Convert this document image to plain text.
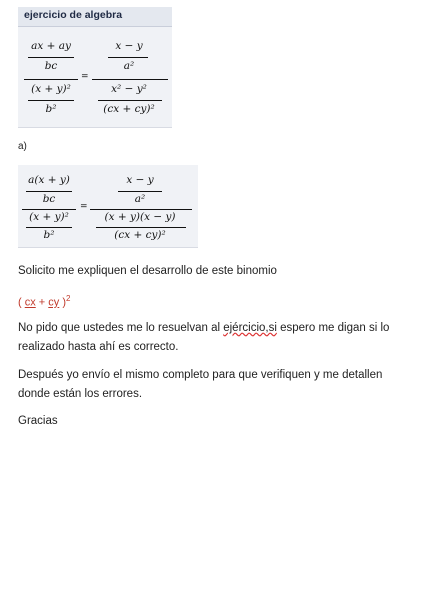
ejercicio de algebra
ax + ay
bc
(x + y)²
b²
=
x − y
a²
x² − y²
(cx + cy)²
a)
a(x + y)
bc
(x + y)²
b²
=
x − y
a²
(x + y)(x − y)
(cx + cy)²
Solicito me expliquen el desarrollo de este binomio
( cx + cy )$^2$
No pido que ustedes me lo resuelvan al ejércicio,si espero me digan si lo realizado hasta ahí es correcto.
Después yo envío el mismo completo para que verifiquen y me detallen donde están los errores.
Gracias
